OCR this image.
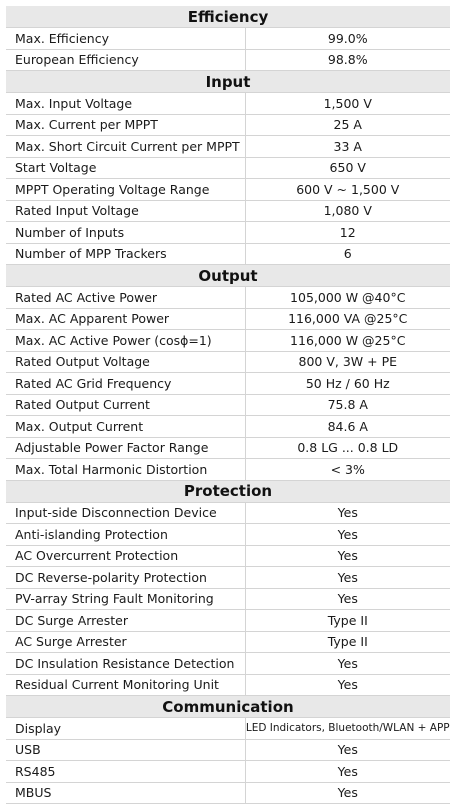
Efficiency	
Max. Efficiency	99.0%
European Efficiency	98.8%
Input	
Max. Input Voltage	1,500 V
Max. Current per MPPT	25 A
Max. Short Circuit Current per MPPT	33 A
Start Voltage	650 V
MPPT Operating Voltage Range	600 V ~ 1,500 V
Rated Input Voltage	1,080 V
Number of Inputs	12
Number of MPP Trackers	6
Output	
Rated AC Active Power	105,000 W @40°C
Max. AC Apparent Power	116,000 VA @25°C
Max. AC Active Power (cosϕ=1)	116,000 W @25°C
Rated Output Voltage	800 V, 3W + PE
Rated AC Grid Frequency	50 Hz / 60 Hz
Rated Output Current	75.8 A
Max. Output Current	84.6 A
Adjustable Power Factor Range	0.8 LG ... 0.8 LD
Max. Total Harmonic Distortion	< 3%
Protection	
Input-side Disconnection Device	Yes
Anti-islanding Protection	Yes
AC Overcurrent Protection	Yes
DC Reverse-polarity Protection	Yes
PV-array String Fault Monitoring	Yes
DC Surge Arrester	Type II
AC Surge Arrester	Type II
DC Insulation Resistance Detection	Yes
Residual Current Monitoring Unit	Yes
Communication	
Display	LED Indicators, Bluetooth/WLAN + APP
USB	Yes
RS485	Yes
MBUS	Yes
